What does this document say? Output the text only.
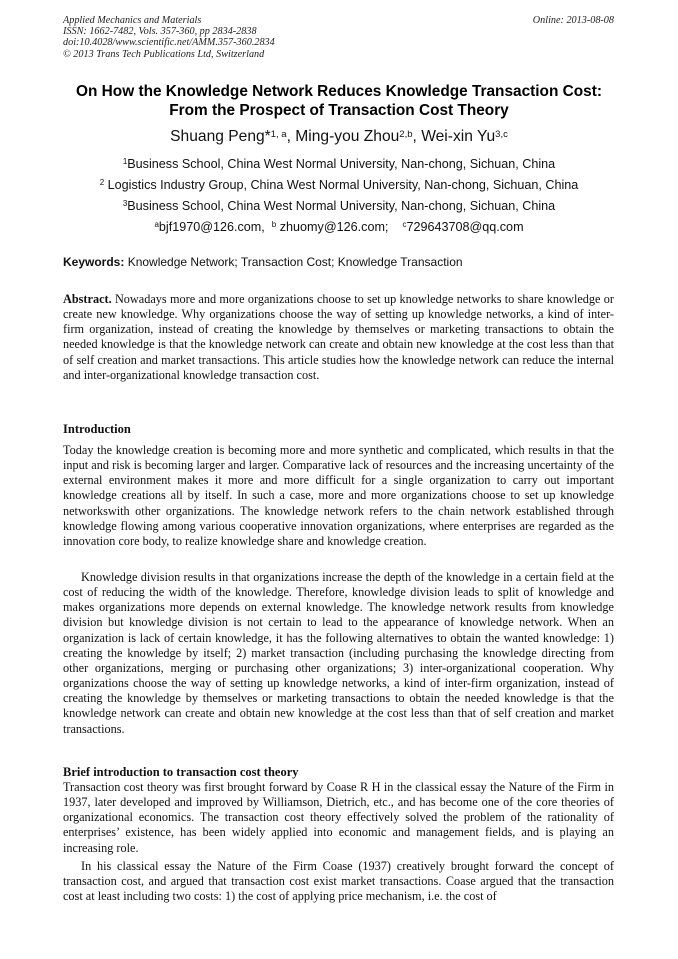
Applied Mechanics and Materials
ISSN: 1662-7482, Vols. 357-360, pp 2834-2838
doi:10.4028/www.scientific.net/AMM.357-360.2834
© 2013 Trans Tech Publications Ltd, Switzerland
Online: 2013-08-08
On How the Knowledge Network Reduces Knowledge Transaction Cost:
From the Prospect of Transaction Cost Theory
Shuang Peng*$^{1, a}$, Ming-you Zhou$^{2,b}$, Wei-xin Yu$^{3,c}$
$^1$Business School, China West Normal University, Nan-chong, Sichuan, China
$^2$ Logistics Industry Group, China West Normal University, Nan-chong, Sichuan, China
$^3$Business School, China West Normal University, Nan-chong, Sichuan, China
$^a$bjf1970@126.com, $^b$ zhuomy@126.com; $^c$729643708@qq.com
Keywords: Knowledge Network; Transaction Cost; Knowledge Transaction
Abstract. Nowadays more and more organizations choose to set up knowledge networks to share knowledge or create new knowledge. Why organizations choose the way of setting up knowledge networks, a kind of inter-firm organization, instead of creating the knowledge by themselves or marketing transactions to obtain the needed knowledge is that the knowledge network can create and obtain new knowledge at the cost less than that of self creation and market transactions. This article studies how the knowledge network can reduce the internal and inter-organizational knowledge transaction cost.
Introduction
Today the knowledge creation is becoming more and more synthetic and complicated, which results in that the input and risk is becoming larger and larger. Comparative lack of resources and the increasing uncertainty of the external environment makes it more and more difficult for a single organization to carry out important knowledge creations all by itself. In such a case, more and more organizations choose to set up knowledge networkswith other organizations. The knowledge network refers to the chain network established through knowledge flowing among various cooperative innovation organizations, where enterprises are regarded as the innovation core body, to realize knowledge share and knowledge creation.
Knowledge division results in that organizations increase the depth of the knowledge in a certain field at the cost of reducing the width of the knowledge. Therefore, knowledge division leads to split of knowledge and makes organizations more depends on external knowledge. The knowledge network results from knowledge division but knowledge division is not certain to lead to the appearance of knowledge network. When an organization is lack of certain knowledge, it has the following alternatives to obtain the wanted knowledge: 1) creating the knowledge by itself; 2) market transaction (including purchasing the knowledge directing from other organizations, merging or purchasing other organizations; 3) inter-organizational cooperation. Why organizations choose the way of setting up knowledge networks, a kind of inter-firm organization, instead of creating the knowledge by themselves or marketing transactions to obtain the needed knowledge is that the knowledge network can create and obtain new knowledge at the cost less than that of self creation and market transactions.
Brief introduction to transaction cost theory
Transaction cost theory was first brought forward by Coase R H in the classical essay the Nature of the Firm in 1937, later developed and improved by Williamson, Dietrich, etc., and has become one of the core theories of organizational economics. The transaction cost theory effectively solved the problem of the rationality of enterprises’ existence, has been widely applied into economic and management fields, and is playing an increasing role.
In his classical essay the Nature of the Firm Coase (1937) creatively brought forward the concept of transaction cost, and argued that transaction cost exist market transactions. Coase argued that the transaction cost at least including two costs: 1) the cost of applying price mechanism, i.e. the cost of
